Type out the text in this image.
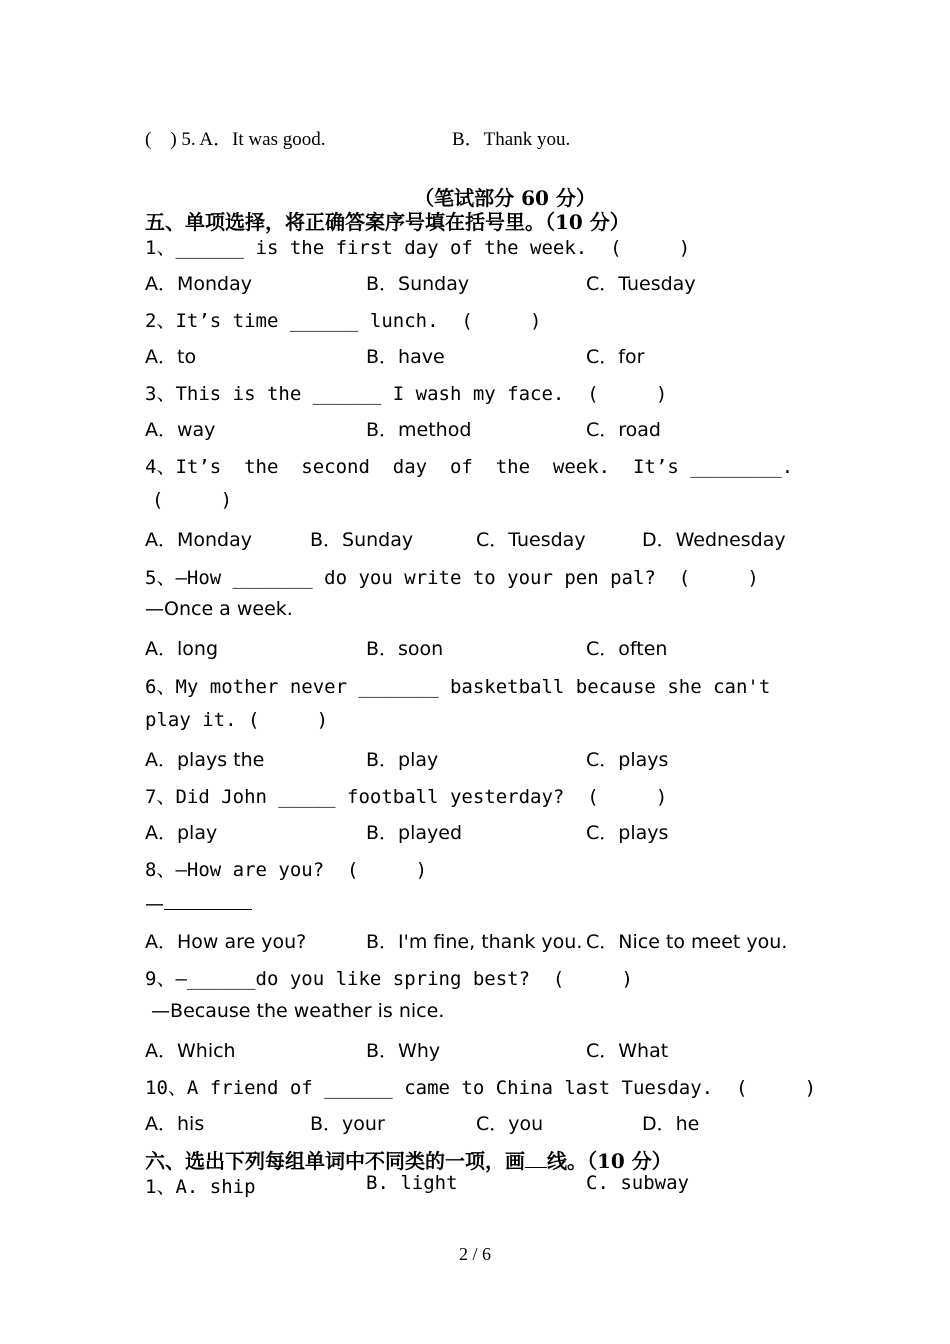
(    ) 5. A．It was good.	B．Thank you.
（笔试部分 60 分）
五、单项选择，将正确答案序号填在括号里。（10 分）
1、______ is the first day of the week.  (     )
A．Monday	B．Sunday	C．Tuesday
2、It’s time ______ lunch.  (     )
A．to	B．have	C．for
3、This is the ______ I wash my face.  (     )
A．way	B．method	C．road
4、It’s  the  second  day  of  the  week.  It’s ________.
(     )
A．Monday	B．Sunday	C．Tuesday	D．Wednesday
5、—How _______ do you write to your pen pal?  (     )
—Once a week.
A．long	B．soon	C．often
6、My mother never _______ basketball because she can't
play it. (     )
A．plays the	B．play	C．plays
7、Did John _____ football yesterday?  (     )
A．play	B．played	C．plays
8、—How are you?  (     )
—
A．How are you?	B．I'm fine, thank you. C．Nice to meet you.
9、—______do you like spring best?  (     )
—Because the weather is nice.
A．Which	B．Why	C．What
10、A friend of ______ came to China last Tuesday.  (     )
A．his	B．your	C．you	D．he
六、选出下列每组单词中不同类的一项，画 线。（10 分）
1、A. ship	B. light	C. subway
2 / 6
